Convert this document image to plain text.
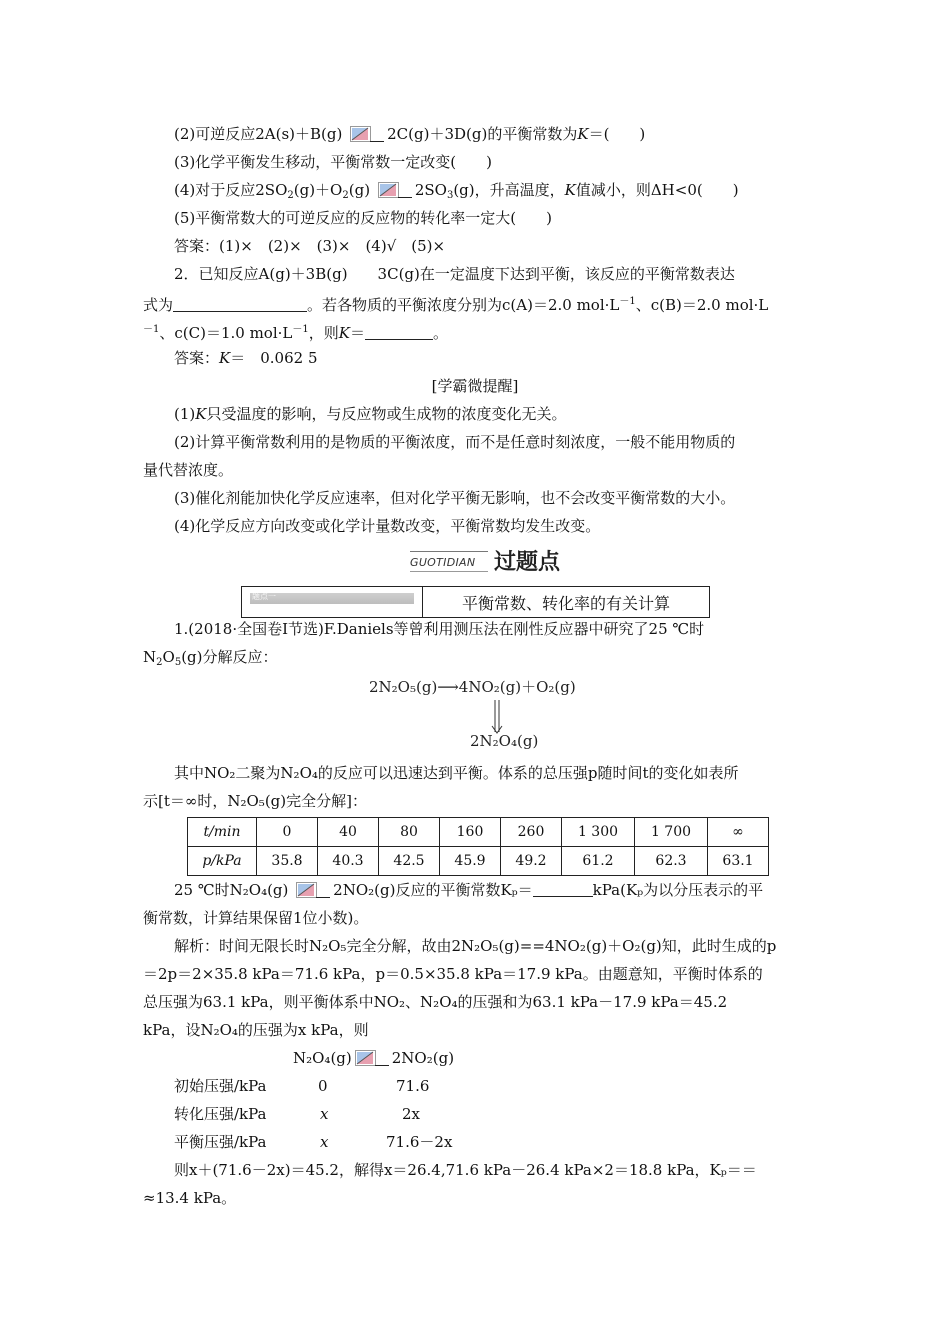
(2)可逆反应2A(s)＋B(g)	2C(g)＋3D(g)的平衡常数为K＝(　　)
(3)化学平衡发生移动，平衡常数一定改变(　　)
(4)对于反应$2SO_2(g)+O_2(g)$	$2SO_3(g)$，升高温度，K值减小，则ΔH<0(　　)
(5)平衡常数大的可逆反应的反应物的转化率一定大(　　)
答案：(1)×　(2)×　(3)×　(4)√　(5)×
2．已知反应A(g)＋3B(g)　　3C(g)在一定温度下达到平衡，该反应的平衡常数表达
式为	。若各物质的平衡浓度分别为c(A)＝2.0 $mol\cdot L^{-1}$、c(B)＝2.0 mol·L
$^{-1}$、c(C)＝1.0 $mol\cdot L^{-1}$，则K＝	。
答案：K＝　0.062 5
[学霸微提醒]
(1)K只受温度的影响，与反应物或生成物的浓度变化无关。
(2)计算平衡常数利用的是物质的平衡浓度，而不是任意时刻浓度，一般不能用物质的
量代替浓度。
(3)催化剂能加快化学反应速率，但对化学平衡无影响，也不会改变平衡常数的大小。
(4)化学反应方向改变或化学计量数改变，平衡常数均发生改变。
GUOTIDIAN 过题点
题点一	平衡常数、转化率的有关计算
1.(2018·全国卷Ⅰ节选)F.Daniels等曾利用测压法在刚性反应器中研究了25 ℃时
$N_2O_5(g)$分解反应：
2N₂O₅(g)⟶4NO₂(g)＋O₂(g)
2N₂O₄(g)
其中NO₂二聚为N₂O₄的反应可以迅速达到平衡。体系的总压强p随时间t的变化如表所
示[t＝∞时，N₂O₅(g)完全分解]：
t/min	0	40	80	160	260	1 300	1 700	∞
p/kPa	35.8	40.3	42.5	45.9	49.2	61.2	62.3	63.1
25 ℃时N₂O₄(g)	2NO₂(g)反应的平衡常数Kₚ＝	kPa(Kₚ为以分压表示的平
衡常数，计算结果保留1位小数)。
解析：时间无限长时N₂O₅完全分解，故由2N₂O₅(g)==4NO₂(g)＋O₂(g)知，此时生成的p
＝2p＝2×35.8 kPa＝71.6 kPa，p＝0.5×35.8 kPa＝17.9 kPa。由题意知，平衡时体系的
总压强为63.1 kPa，则平衡体系中NO₂、N₂O₄的压强和为63.1 kPa－17.9 kPa＝45.2
kPa，设N₂O₄的压强为x kPa，则
N₂O₄(g)	2NO₂(g)
初始压强/kPa	0	71.6
转化压强/kPa	x	2x
平衡压强/kPa	x	71.6－2x
则x＋(71.6－2x)＝45.2，解得x＝26.4,71.6 kPa－26.4 kPa×2＝18.8 kPa，Kₚ＝＝
≈13.4 kPa。
